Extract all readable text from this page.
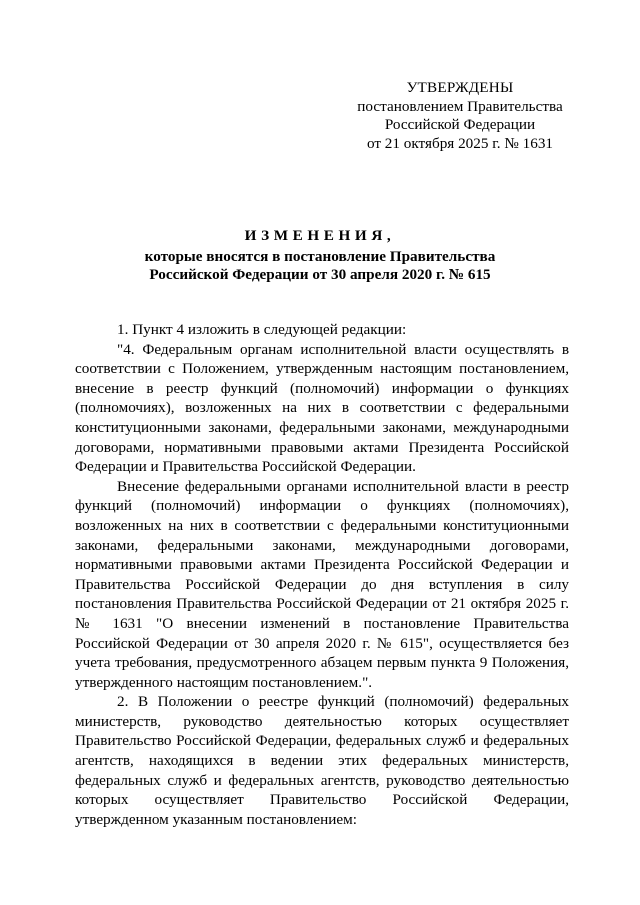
УТВЕРЖДЕНЫ
постановлением Правительства
Российской Федерации
от 21 октября 2025 г. № 1631
ИЗМЕНЕНИЯ,
которые вносятся в постановление Правительства
Российской Федерации от 30 апреля 2020 г. № 615

1. Пункт 4 изложить в следующей редакции:

"4. Федеральным органам исполнительной власти осуществлять в соответствии с Положением, утвержденным настоящим постановлением, внесение в реестр функций (полномочий) информации о функциях (полномочиях), возложенных на них в соответствии с федеральными конституционными законами, федеральными законами, международными договорами, нормативными правовыми актами Президента Российской Федерации и Правительства Российской Федерации.

Внесение федеральными органами исполнительной власти в реестр функций (полномочий) информации о функциях (полномочиях), возложенных на них в соответствии с федеральными конституционными законами, федеральными законами, международными договорами, нормативными правовыми актами Президента Российской Федерации и Правительства Российской Федерации до дня вступления в силу постановления Правительства Российской Федерации от 21 октября 2025 г. № 1631 "О внесении изменений в постановление Правительства Российской Федерации от 30 апреля 2020 г. № 615", осуществляется без учета требования, предусмотренного абзацем первым пункта 9 Положения, утвержденного настоящим постановлением.".

2. В Положении о реестре функций (полномочий) федеральных министерств, руководство деятельностью которых осуществляет Правительство Российской Федерации, федеральных служб и федеральных агентств, находящихся в ведении этих федеральных министерств, федеральных служб и федеральных агентств, руководство деятельностью которых осуществляет Правительство Российской Федерации, утвержденном указанным постановлением:
